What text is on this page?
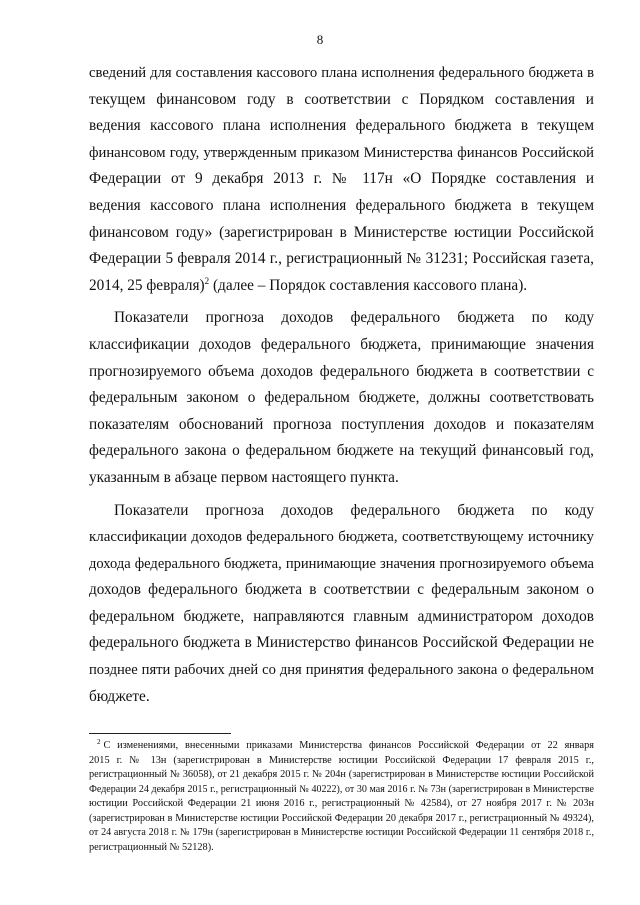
8
сведений для составления кассового плана исполнения федерального бюджета в
текущем финансовом году в соответствии с Порядком составления и
ведения кассового плана исполнения федерального бюджета в текущем
финансовом году, утвержденным приказом Министерства финансов Российской
Федерации от 9 декабря 2013 г. № 117н «О Порядке составления и
ведения кассового плана исполнения федерального бюджета в текущем
финансовом году» (зарегистрирован в Министерстве юстиции Российской
Федерации 5 февраля 2014 г., регистрационный № 31231; Российская газета,
2014, 25 февраля)$^2$ (далее – Порядок составления кассового плана).
Показатели прогноза доходов федерального бюджета по коду
классификации доходов федерального бюджета, принимающие значения
прогнозируемого объема доходов федерального бюджета в соответствии с
федеральным законом о федеральном бюджете, должны соответствовать
показателям обоснований прогноза поступления доходов и показателям
федерального закона о федеральном бюджете на текущий финансовый год,
указанным в абзаце первом настоящего пункта.
Показатели прогноза доходов федерального бюджета по коду
классификации доходов федерального бюджета, соответствующему источнику
дохода федерального бюджета, принимающие значения прогнозируемого объема
доходов федерального бюджета в соответствии с федеральным законом о
федеральном бюджете, направляются главным администратором доходов
федерального бюджета в Министерство финансов Российской Федерации не
позднее пяти рабочих дней со дня принятия федерального закона о федеральном
бюджете.
$^2$ С изменениями, внесенными приказами Министерства финансов Российской Федерации от 22 января
2015 г. № 13н (зарегистрирован в Министерстве юстиции Российской Федерации 17 февраля 2015 г.,
регистрационный № 36058), от 21 декабря 2015 г. № 204н (зарегистрирован в Министерстве юстиции Российской
Федерации 24 декабря 2015 г., регистрационный № 40222), от 30 мая 2016 г. № 73н (зарегистрирован в Министерстве
юстиции Российской Федерации 21 июня 2016 г., регистрационный № 42584), от 27 ноября 2017 г. № 203н
(зарегистрирован в Министерстве юстиции Российской Федерации 20 декабря 2017 г., регистрационный № 49324),
от 24 августа 2018 г. № 179н (зарегистрирован в Министерстве юстиции Российской Федерации 11 сентября 2018 г.,
регистрационный № 52128).
